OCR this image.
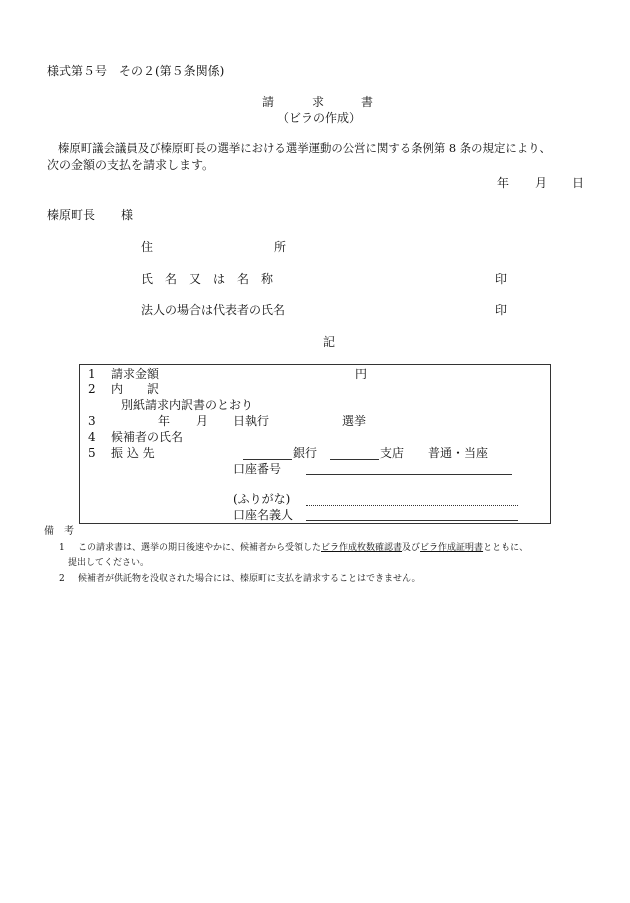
様式第５号　その２(第５条関係)
請	求	書
（ビラの作成）
榛原町議会議員及び榛原町長の選挙における選挙運動の公営に関する条例第 8 条の規定により、
次の金額の支払を請求します。
年 月 日
榛原町長 様
住	所
氏　名　又　は　名　称	印
法人の場合は代表者の氏名	印
記
1 請求金額	円
2 内　　訳
別紙請求内訳書のとおり
3	年 月 日執行	選挙
4 候補者の氏名
5 振 込 先	銀行	支店 普通・当座
口座番号
(ふりがな)
口座名義人
備　考
1 この請求書は、選挙の期日後速やかに、候補者から受領したビラ作成枚数確認書及びビラ作成証明書とともに、
提出してください。
2 候補者が供託物を没収された場合には、榛原町に支払を請求することはできません。
